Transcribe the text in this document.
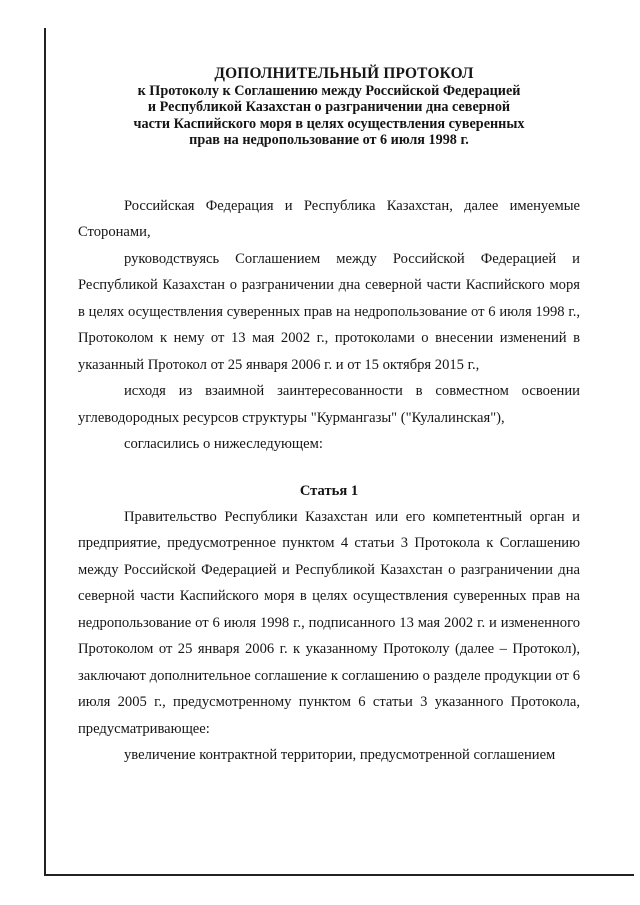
ДОПОЛНИТЕЛЬНЫЙ ПРОТОКОЛ
к Протоколу к Соглашению между Российской Федерацией
и Республикой Казахстан о разграничении дна северной
части Каспийского моря в целях осуществления суверенных
прав на недропользование от 6 июля 1998 г.

Российская Федерация и Республика Казахстан, далее именуемые Сторонами,

руководствуясь Соглашением между Российской Федерацией и Республикой Казахстан о разграничении дна северной части Каспийского моря в целях осуществления суверенных прав на недропользование от 6 июля 1998 г., Протоколом к нему от 13 мая 2002 г., протоколами о внесении изменений в указанный Протокол от 25 января 2006 г. и от 15 октября 2015 г.,

исходя из взаимной заинтересованности в совместном освоении углеводородных ресурсов структуры "Курмангазы" ("Кулалинская"),

согласились о нижеследующем:

Статья 1

Правительство Республики Казахстан или его компетентный орган и предприятие, предусмотренное пунктом 4 статьи 3 Протокола к Соглашению между Российской Федерацией и Республикой Казахстан о разграничении дна северной части Каспийского моря в целях осуществления суверенных прав на недропользование от 6 июля 1998 г., подписанного 13 мая 2002 г. и измененного Протоколом от 25 января 2006 г. к указанному Протоколу (далее – Протокол), заключают дополнительное соглашение к соглашению о разделе продукции от 6 июля 2005 г., предусмотренному пунктом 6 статьи 3 указанного Протокола, предусматривающее:

увеличение контрактной территории, предусмотренной соглашением
